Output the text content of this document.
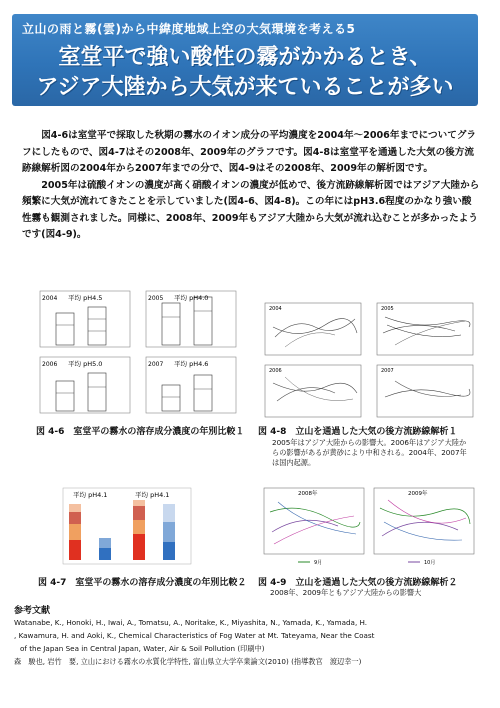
立山の雨と霧(雲)から中緯度地域上空の大気環境を考える5
室堂平で強い酸性の霧がかかるとき、
アジア大陸から大気が来ていることが多い

図4-6は室堂平で採取した秋期の霧水のイオン成分の平均濃度を2004年〜2006年までについてグラフにしたもので、図4-7はその2008年、2009年のグラフです。図4-8は室堂平を通過した大気の後方流跡線解析図の2004年から2007年までの分で、図4-9はその2008年、2009年の解析図です。

2005年は硫酸イオンの濃度が高く硝酸イオンの濃度が低めで、後方流跡線解析図ではアジア大陸から頻繁に大気が流れてきたことを示していました(図4-6、図4-8)。この年にはpH3.6程度のかなり強い酸性霧も観測されました。同様に、2008年、2009年もアジア大陸から大気が流れ込むことが多かったようです(図4-9)。

2004 平均 pH4.5	2005 平均 pH4.0
2006 平均 pH5.0	2007 平均 pH4.6
図 4-6　室堂平の霧水の溶存成分濃度の年別比較１
2004	2005
2006	2007
図 4-8　立山を通過した大気の後方流跡線解析１
2005年はアジア大陸からの影響大。2006年はアジア大陸からの影響があるが黄砂により中和される。2004年、2007年は国内起源。
平均 pH4.1	平均 pH4.1
図 4-7　室堂平の霧水の溶存成分濃度の年別比較２
2008年	2009年
9月	10月
図 4-9　立山を通過した大気の後方流跡線解析２
2008年、2009年ともアジア大陸からの影響大
参考文献
Watanabe, K., Honoki, H., Iwai, A., Tomatsu, A., Noritake, K., Miyashita, N., Yamada, K., Yamada, H.
, Kawamura, H. and Aoki, K., Chemical Characteristics of Fog Water at Mt. Tateyama, Near the Coast
of the Japan Sea in Central Japan, Water, Air & Soil Pollution (印刷中)
森　駿也, 岩竹　要, 立山における霧水の水質化学特性, 富山県立大学卒業論文(2010) (指導教官　渡辺幸一)
